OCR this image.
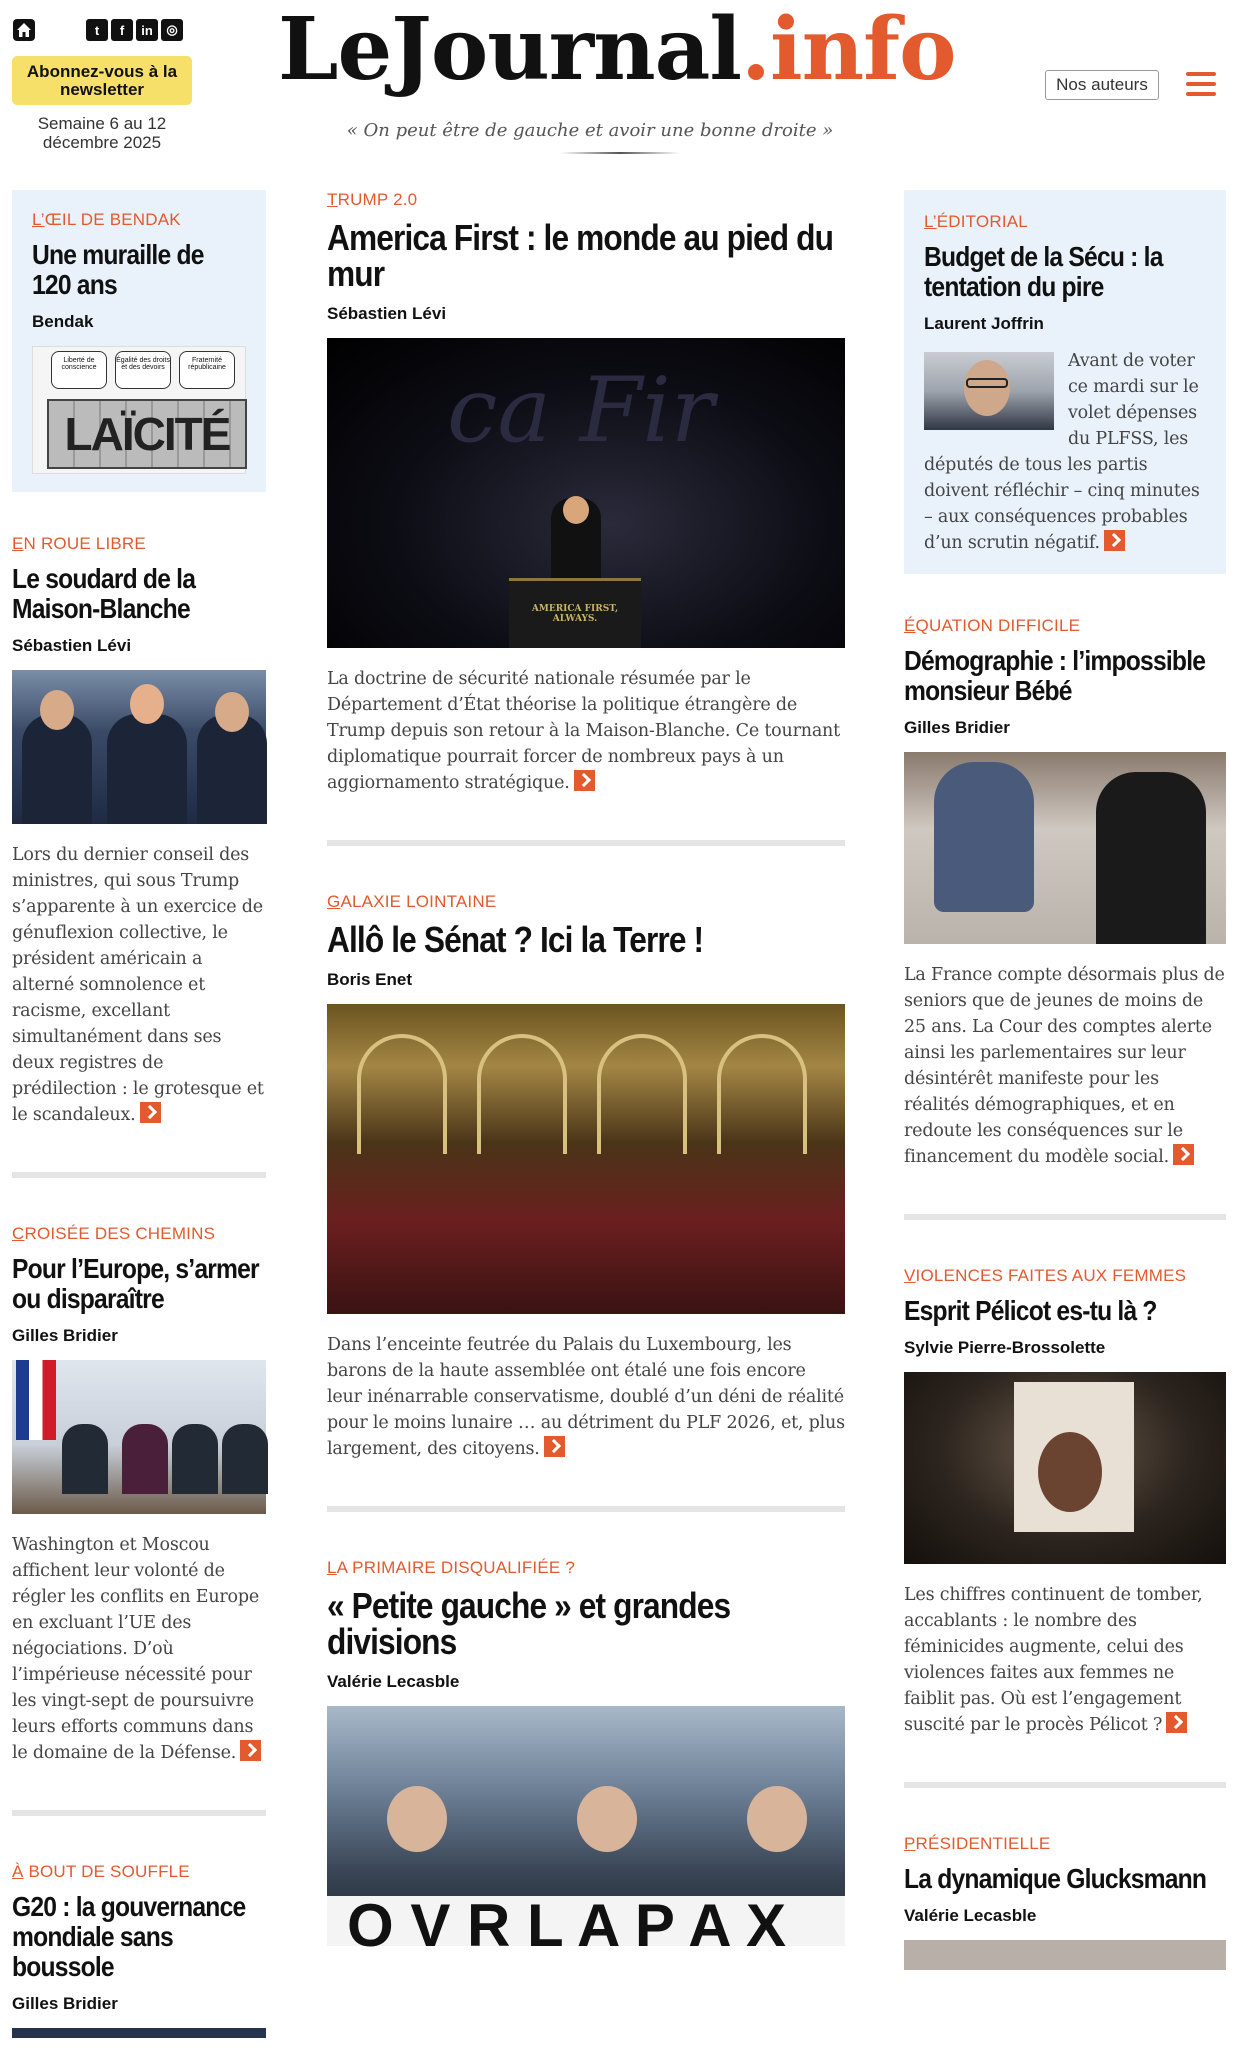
t	f	in	◎
Abonnez-vous à la newsletter
Semaine 6 au 12 décembre 2025
LeJournal.info
« On peut être de gauche et avoir une bonne droite »
Nos auteurs
L’ŒIL DE BENDAK
Une muraille de 120 ans
Bendak
Liberté de conscience
Égalité des droits et des devoirs
Fraternité républicaine
LAÏCITÉ
EN ROUE LIBRE
Le soudard de la Maison-Blanche
Sébastien Lévi
Lors du dernier conseil des ministres, qui sous Trump s’apparente à un exercice de génuflexion collective, le président américain a alterné somnolence et racisme, excellant simultanément dans ses deux registres de prédilection : le grotesque et le scandaleux.
CROISÉE DES CHEMINS
Pour l’Europe, s’armer ou disparaître
Gilles Bridier
Washington et Moscou affichent leur volonté de régler les conflits en Europe en excluant l’UE des négociations. D’où l’impérieuse nécessité pour les vingt-sept de poursuivre leurs efforts communs dans le domaine de la Défense.
À BOUT DE SOUFFLE
G20 : la gouvernance mondiale sans boussole
Gilles Bridier
TRUMP 2.0
America First : le monde au pied du mur
Sébastien Lévi
ca Fir
AMERICA FIRST, ALWAYS.
La doctrine de sécurité nationale résumée par le Département d’État théorise la politique étrangère de Trump depuis son retour à la Maison-Blanche. Ce tournant diplomatique pourrait forcer de nombreux pays à un aggiornamento stratégique.
GALAXIE LOINTAINE
Allô le Sénat ? Ici la Terre !
Boris Enet
Dans l’enceinte feutrée du Palais du Luxembourg, les barons de la haute assemblée ont étalé une fois encore leur inénarrable conservatisme, doublé d’un déni de réalité pour le moins lunaire … au détriment du PLF 2026, et, plus largement, des citoyens.
LA PRIMAIRE DISQUALIFIÉE ?
« Petite gauche » et grandes divisions
Valérie Lecasble
O V R L A P A X
L’ÉDITORIAL
Budget de la Sécu : la tentation du pire
Laurent Joffrin
Avant de voter ce mardi sur le volet dépenses du PLFSS, les députés de tous les partis doivent réfléchir – cinq minutes – aux conséquences probables d’un scrutin négatif.
ÉQUATION DIFFICILE
Démographie : l’impossible monsieur Bébé
Gilles Bridier
La France compte désormais plus de seniors que de jeunes de moins de 25 ans. La Cour des comptes alerte ainsi les parlementaires sur leur désintérêt manifeste pour les réalités démographiques, et en redoute les conséquences sur le financement du modèle social.
VIOLENCES FAITES AUX FEMMES
Esprit Pélicot es-tu là ?
Sylvie Pierre-Brossolette
Les chiffres continuent de tomber, accablants : le nombre des féminicides augmente, celui des violences faites aux femmes ne faiblit pas. Où est l’engagement suscité par le procès Pélicot ?
PRÉSIDENTIELLE
La dynamique Glucksmann
Valérie Lecasble
